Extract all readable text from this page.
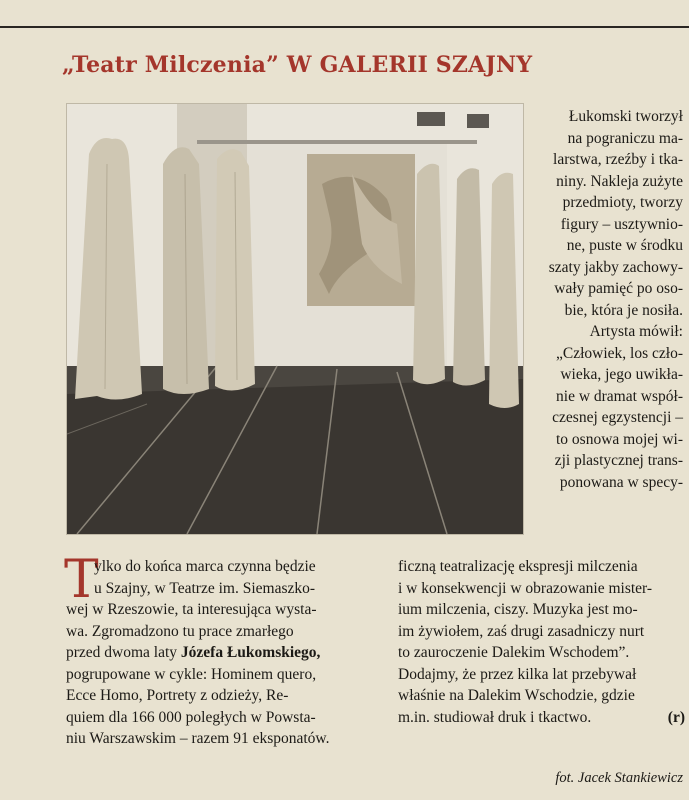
„Teatr Milczenia” W GALERII SZAJNY
Łukomski tworzył
na pograniczu ma-
larstwa, rzeźby i tka-
niny. Nakleja zużyte
przedmioty, tworzy
figury – usztywnio-
ne, puste w środku
szaty jakby zachowy-
wały pamięć po oso-
bie, która je nosiła.
Artysta mówił:
„Człowiek, los czło-
wieka, jego uwikła-
nie w dramat współ-
czesnej egzystencji –
to osnowa mojej wi-
zji plastycznej trans-
ponowana w specy-
T
ylko do końca marca czynna będzie
u Szajny, w Teatrze im. Siemaszko-
wej w Rzeszowie, ta interesująca wysta-
wa. Zgromadzono tu prace zmarłego
przed dwoma laty Józefa Łukomskiego,
pogrupowane w cykle: Hominem quero,
Ecce Homo, Portrety z odzieży, Re-
quiem dla 166 000 poległych w Powsta-
niu Warszawskim – razem 91 eksponatów.
ficzną teatralizację ekspresji milczenia
i w konsekwencji w obrazowanie mister-
ium milczenia, ciszy. Muzyka jest mo-
im żywiołem, zaś drugi zasadniczy nurt
to zauroczenie Dalekim Wschodem”.
Dodajmy, że przez kilka lat przebywał
właśnie na Dalekim Wschodzie, gdzie
m.in. studiował druk i tkactwo.	(r)
fot. Jacek Stankiewicz
